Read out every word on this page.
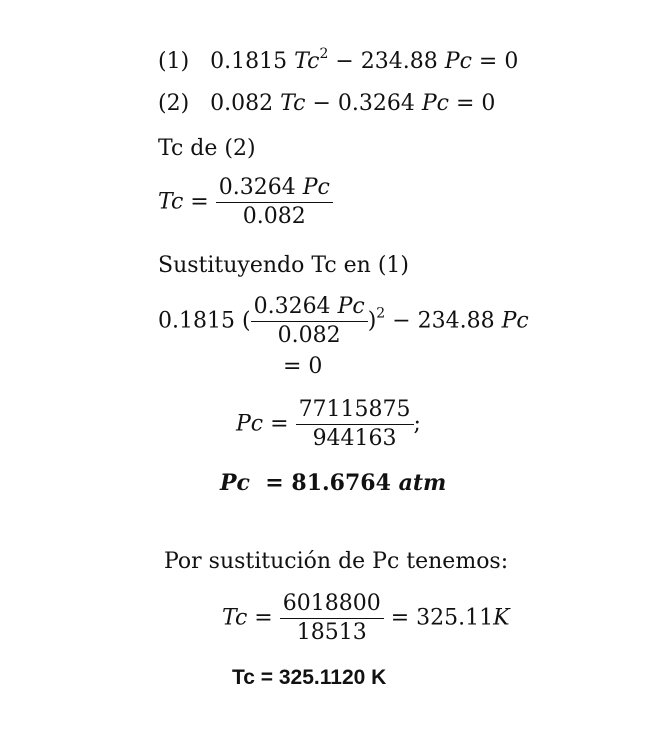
(1) 0.1815 $Tc^2 - 234.88$ Pc = 0
(2) 0.082 Tc − 0.3264 Pc = 0
Tc de (2)
$Tc = \frac{0.3264 Pc}{0.082}$
Sustituyendo Tc en (1)
0.1815 ( $\frac{0.3264 Pc}{0.082} )^2 - 234.88$ Pc
= 0
$Pc = \frac{77115875}{944163}$ ;
Pc = 81.6764 atm
Por sustitución de Pc tenemos:
$Tc = \frac{6018800}{18513} = 325.11K$
Tc = 325.1120 K
